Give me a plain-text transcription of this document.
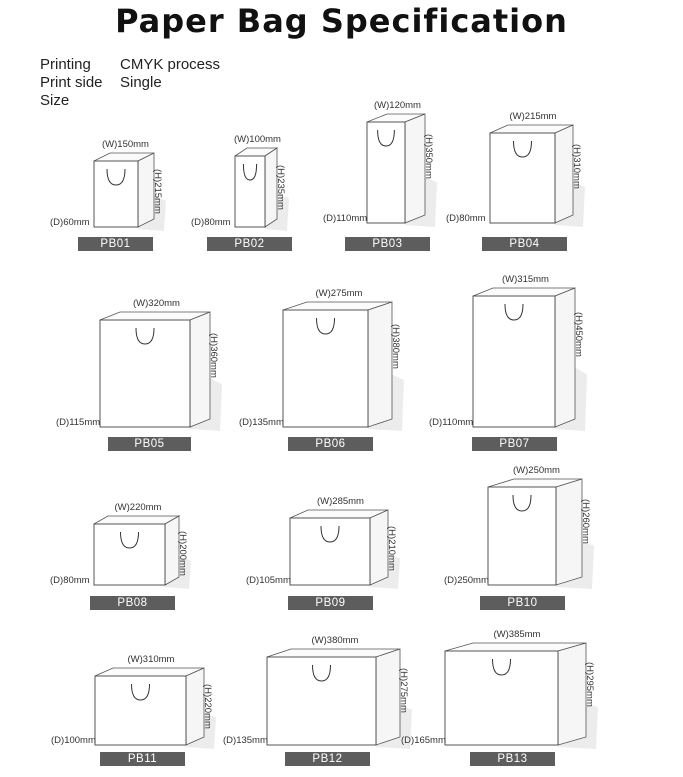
Paper Bag Specification
Printing CMYK process
Print side Single
Size
(W)150mm
(H)215mm
(D)60mm
PB01
(W)100mm
(H)235mm
(D)80mm
PB02
(W)120mm
(H)350mm
(D)110mm
PB03
(W)215mm
(H)310mm
(D)80mm
PB04
(W)320mm
(H)360mm
(D)115mm
PB05
(W)275mm
(H)380mm
(D)135mm
PB06
(W)315mm
(H)450mm
(D)110mm
PB07
(W)220mm
(H)200mm
(D)80mm
PB08
(W)285mm
(H)210mm
(D)105mm
PB09
(W)250mm
(H)260mm
(D)250mm
PB10
(W)310mm
(H)220mm
(D)100mm
PB11
(W)380mm
(H)275mm
(D)135mm
PB12
(W)385mm
(H)295mm
(D)165mm
PB13
